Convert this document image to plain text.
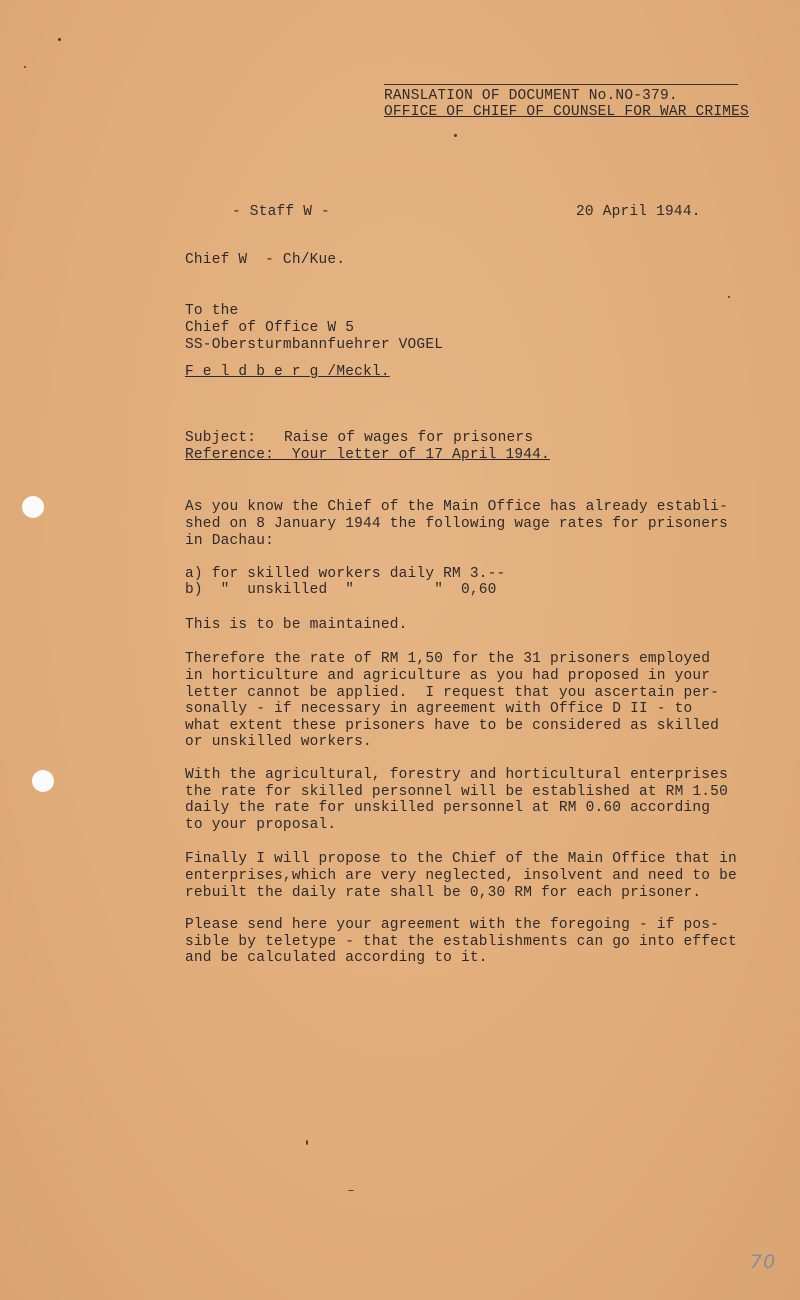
RANSLATION OF DOCUMENT No.NO-379.
OFFICE OF CHIEF OF COUNSEL FOR WAR CRIMES
- Staff W -	20 April 1944.
Chief W  - Ch/Kue.
To the
Chief of Office W 5
SS-Obersturmbannfuehrer VOGEL
F e l d b e r g /Meckl.
Subject: Raise of wages for prisoners
Reference:  Your letter of 17 April 1944.
As you know the Chief of the Main Office has already establi-
shed on 8 January 1944 the following wage rates for prisoners
in Dachau:
a) for skilled workers daily RM 3.--
b)  "  unskilled  "         "  0,60
This is to be maintained.
Therefore the rate of RM 1,50 for the 31 prisoners employed
in horticulture and agriculture as you had proposed in your
letter cannot be applied.  I request that you ascertain per-
sonally - if necessary in agreement with Office D II - to
what extent these prisoners have to be considered as skilled
or unskilled workers.
With the agricultural, forestry and horticultural enterprises
the rate for skilled personnel will be established at RM 1.50
daily the rate for unskilled personnel at RM 0.60 according
to your proposal.
Finally I will propose to the Chief of the Main Office that in
enterprises,which are very neglected, insolvent and need to be
rebuilt the daily rate shall be 0,30 RM for each prisoner.
Please send here your agreement with the foregoing - if pos-
sible by teletype - that the establishments can go into effect
and be calculated according to it.
70
